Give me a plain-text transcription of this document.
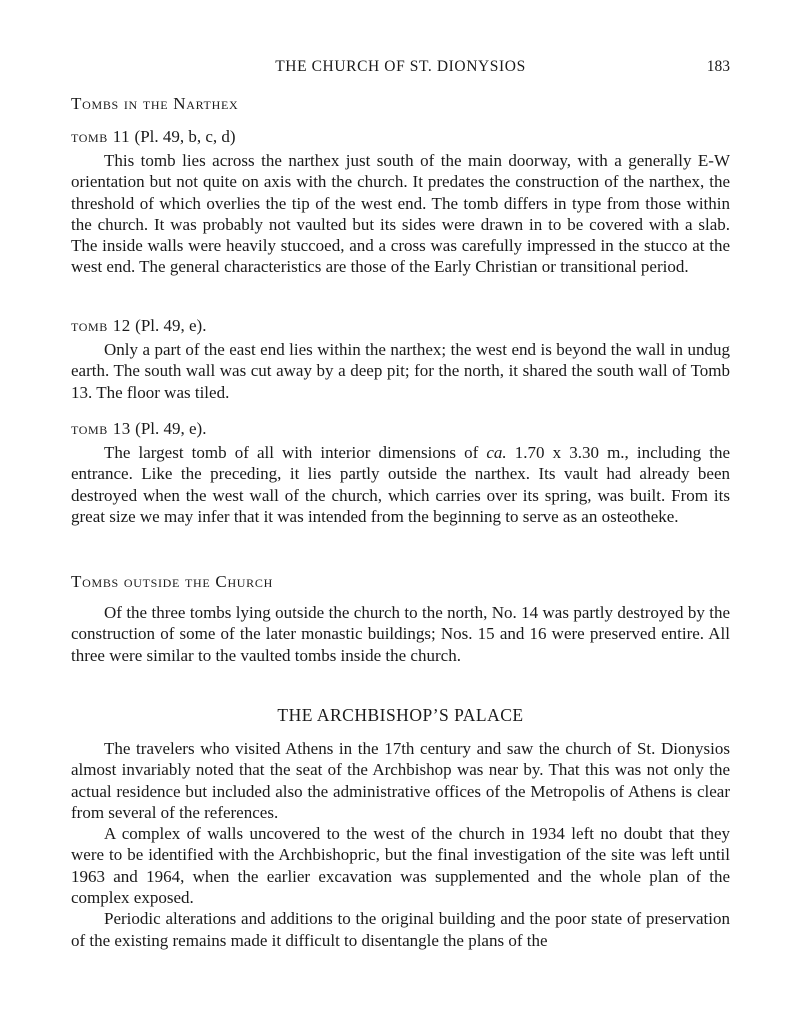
THE CHURCH OF ST. DIONYSIOS	183
Tombs in the Narthex
tomb 11 (Pl. 49, b, c, d)

This tomb lies across the narthex just south of the main doorway, with a generally E-W orientation but not quite on axis with the church. It predates the construction of the narthex, the threshold of which overlies the tip of the west end. The tomb differs in type from those within the church. It was probably not vaulted but its sides were drawn in to be covered with a slab. The inside walls were heavily stuccoed, and a cross was carefully impressed in the stucco at the west end. The general characteristics are those of the Early Christian or transitional period.

tomb 12 (Pl. 49, e).

Only a part of the east end lies within the narthex; the west end is beyond the wall in undug earth. The south wall was cut away by a deep pit; for the north, it shared the south wall of Tomb 13. The floor was tiled.

tomb 13 (Pl. 49, e).

The largest tomb of all with interior dimensions of ca. 1.70 x 3.30 m., including the entrance. Like the preceding, it lies partly outside the narthex. Its vault had already been destroyed when the west wall of the church, which carries over its spring, was built. From its great size we may infer that it was intended from the beginning to serve as an osteotheke.

Tombs outside the Church

Of the three tombs lying outside the church to the north, No. 14 was partly destroyed by the construction of some of the later monastic buildings; Nos. 15 and 16 were preserved entire. All three were similar to the vaulted tombs inside the church.

THE ARCHBISHOP’S PALACE

The travelers who visited Athens in the 17th century and saw the church of St. Dionysios almost invariably noted that the seat of the Archbishop was near by. That this was not only the actual residence but included also the administrative offices of the Metropolis of Athens is clear from several of the references.

A complex of walls uncovered to the west of the church in 1934 left no doubt that they were to be identified with the Archbishopric, but the final investigation of the site was left until 1963 and 1964, when the earlier excavation was supplemented and the whole plan of the complex exposed.

Periodic alterations and additions to the original building and the poor state of preservation of the existing remains made it difficult to disentangle the plans of the
